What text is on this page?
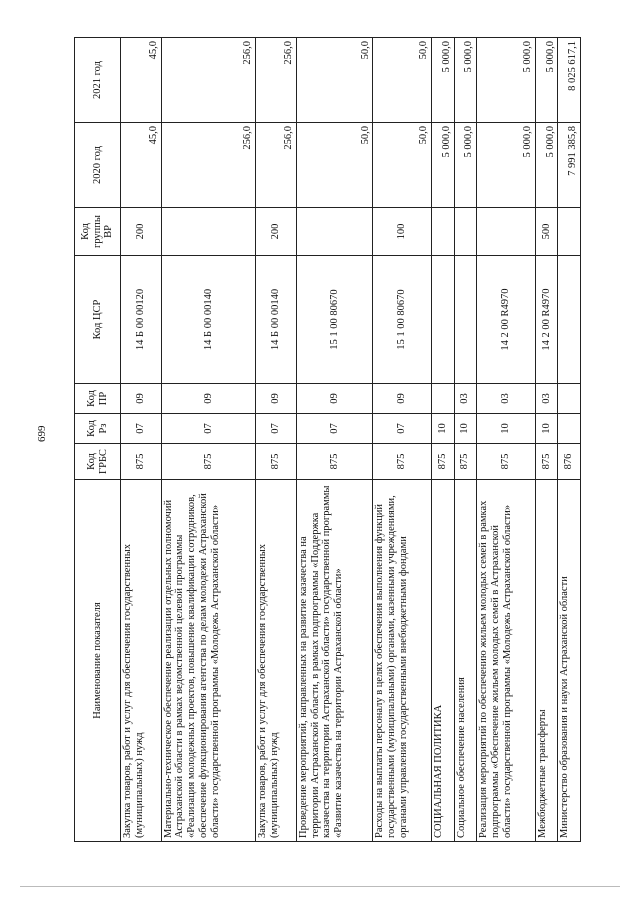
699
Наименование показателя	Код ГРБС	Код Рз	Код ПР	Код ЦСР	Код группы ВР	2020 год	2021 год
Закупка товаров, работ и услуг для обеспечения государственных (муниципальных) нужд	875	07	09	14 Б 00 00120	200	45,0	45,0
Материально-техническое обеспечение реализации отдельных полномочий Астраханской области в рамках ведомственной целевой программы «Реализация молодежных проектов, повышение квалификации сотрудников, обеспечение функционирования агентства по делам молодежи Астраханской области» государственной программы «Молодежь Астраханской области»	875	07	09	14 Б 00 00140		256,0	256,0
Закупка товаров, работ и услуг для обеспечения государственных (муниципальных) нужд	875	07	09	14 Б 00 00140	200	256,0	256,0
Проведение мероприятий, направленных на развитие казачества на территории Астраханской области, в рамках подпрограммы «Поддержка казачества на территории Астраханской области» государственной программы «Развитие казачества на территории Астраханской области»	875	07	09	15 1 00 80670		50,0	50,0
Расходы на выплаты персоналу в целях обеспечения выполнения функций государственными (муниципальными) органами, казенными учреждениями, органами управления государственными внебюджетными фондами	875	07	09	15 1 00 80670	100	50,0	50,0
СОЦИАЛЬНАЯ ПОЛИТИКА	875	10				5 000,0	5 000,0
Социальное обеспечение населения	875	10	03			5 000,0	5 000,0
Реализация мероприятий по обеспечению жильем молодых семей в рамках подпрограммы «Обеспечение жильем молодых семей в Астраханской области» государственной программы «Молодежь Астраханской области»	875	10	03	14 2 00 R4970		5 000,0	5 000,0
Межбюджетные трансферты	875	10	03	14 2 00 R4970	500	5 000,0	5 000,0
Министерство образования и науки Астраханской области	876					7 991 385,8	8 025 617,1
